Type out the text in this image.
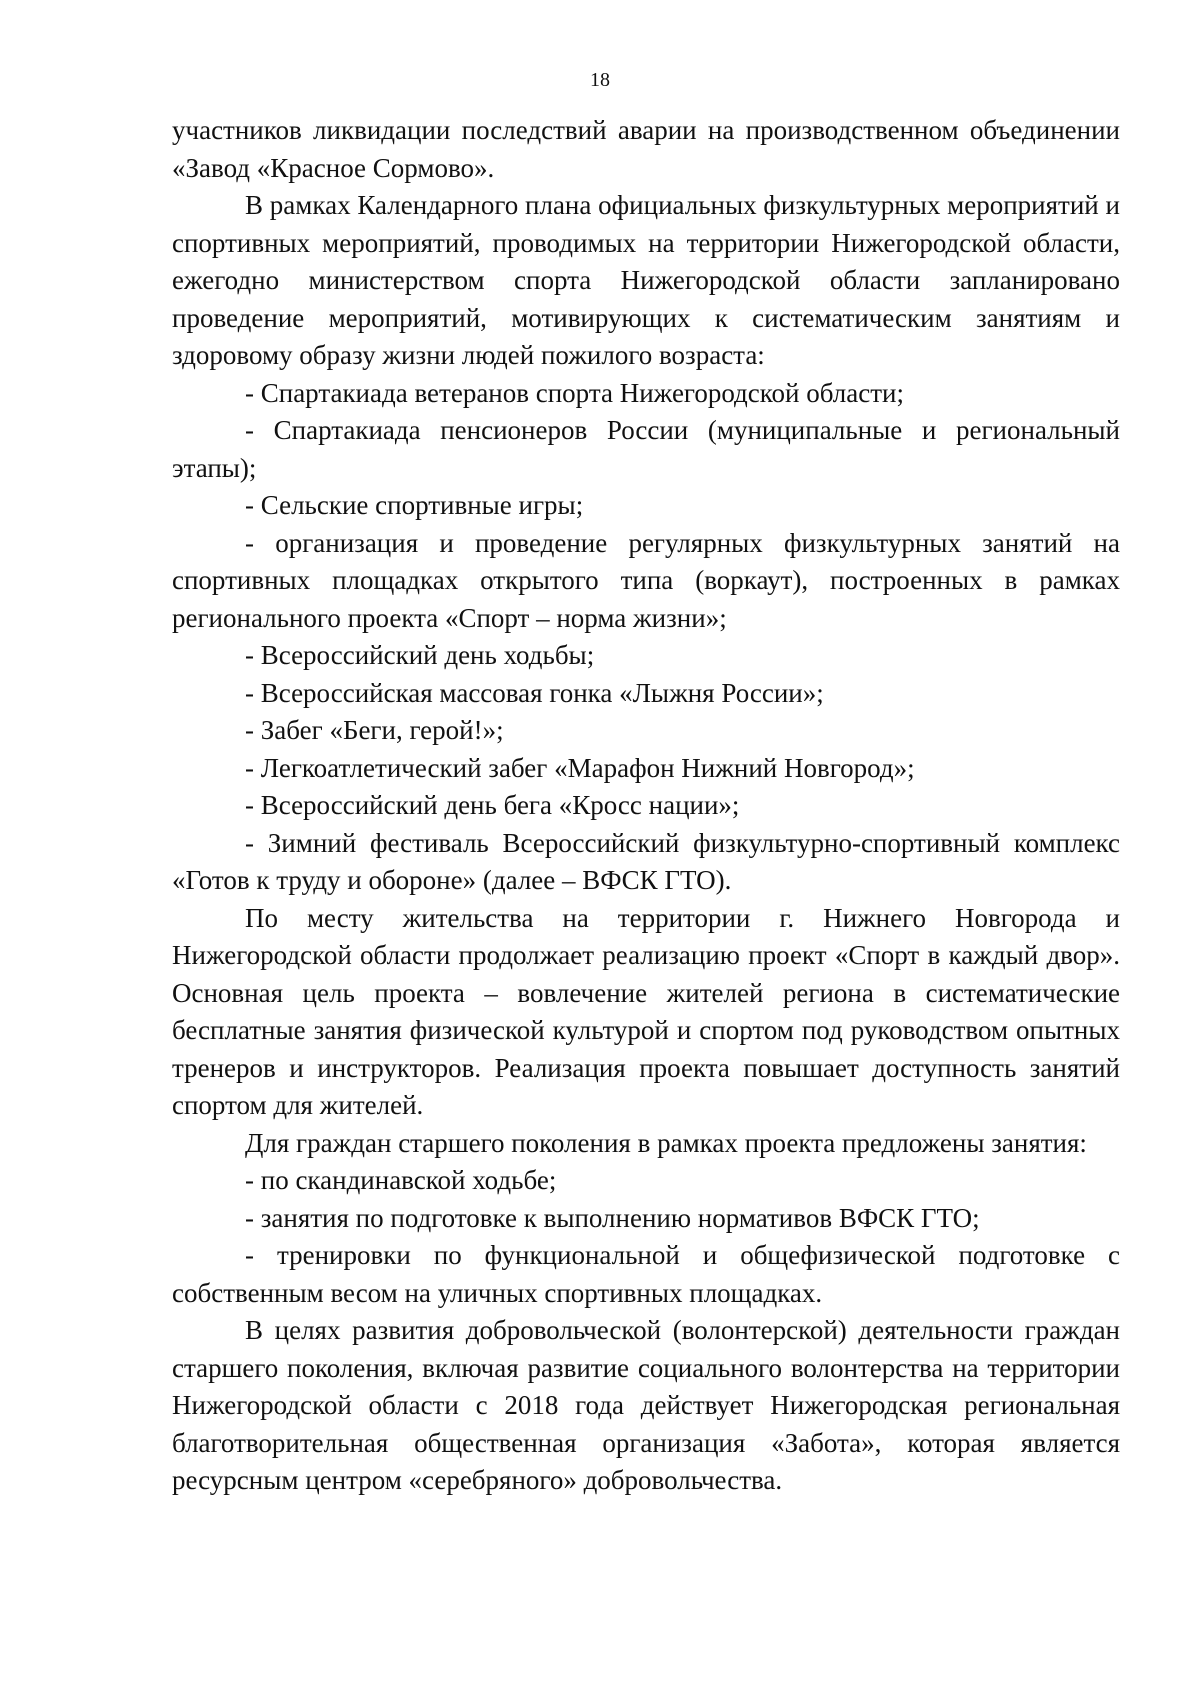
18

участников ликвидации последствий аварии на производственном объединении «Завод «Красное Сормово».

В рамках Календарного плана официальных физкультурных мероприятий и спортивных мероприятий, проводимых на территории Нижегородской области, ежегодно министерством спорта Нижегородской области запланировано проведение мероприятий, мотивирующих к систематическим занятиям и здоровому образу жизни людей пожилого возраста:

- Спартакиада ветеранов спорта Нижегородской области;

- Спартакиада пенсионеров России (муниципальные и региональный этапы);

- Сельские спортивные игры;

- организация и проведение регулярных физкультурных занятий на спортивных площадках открытого типа (воркаут), построенных в рамках регионального проекта «Спорт – норма жизни»;

- Всероссийский день ходьбы;

- Всероссийская массовая гонка «Лыжня России»;

- Забег «Беги, герой!»;

- Легкоатлетический забег «Марафон Нижний Новгород»;

- Всероссийский день бега «Кросс нации»;

- Зимний фестиваль Всероссийский физкультурно-спортивный комплекс «Готов к труду и обороне» (далее – ВФСК ГТО).

По месту жительства на территории г. Нижнего Новгорода и Нижегородской области продолжает реализацию проект «Спорт в каждый двор». Основная цель проекта – вовлечение жителей региона в систематические бесплатные занятия физической культурой и спортом под руководством опытных тренеров и инструкторов. Реализация проекта повышает доступность занятий спортом для жителей.

Для граждан старшего поколения в рамках проекта предложены занятия:

- по скандинавской ходьбе;

- занятия по подготовке к выполнению нормативов ВФСК ГТО;

- тренировки по функциональной и общефизической подготовке с собственным весом на уличных спортивных площадках.

В целях развития добровольческой (волонтерской) деятельности граждан старшего поколения, включая развитие социального волонтерства на территории Нижегородской области с 2018 года действует Нижегородская региональная благотворительная общественная организация «Забота», которая является ресурсным центром «серебряного» добровольчества.
